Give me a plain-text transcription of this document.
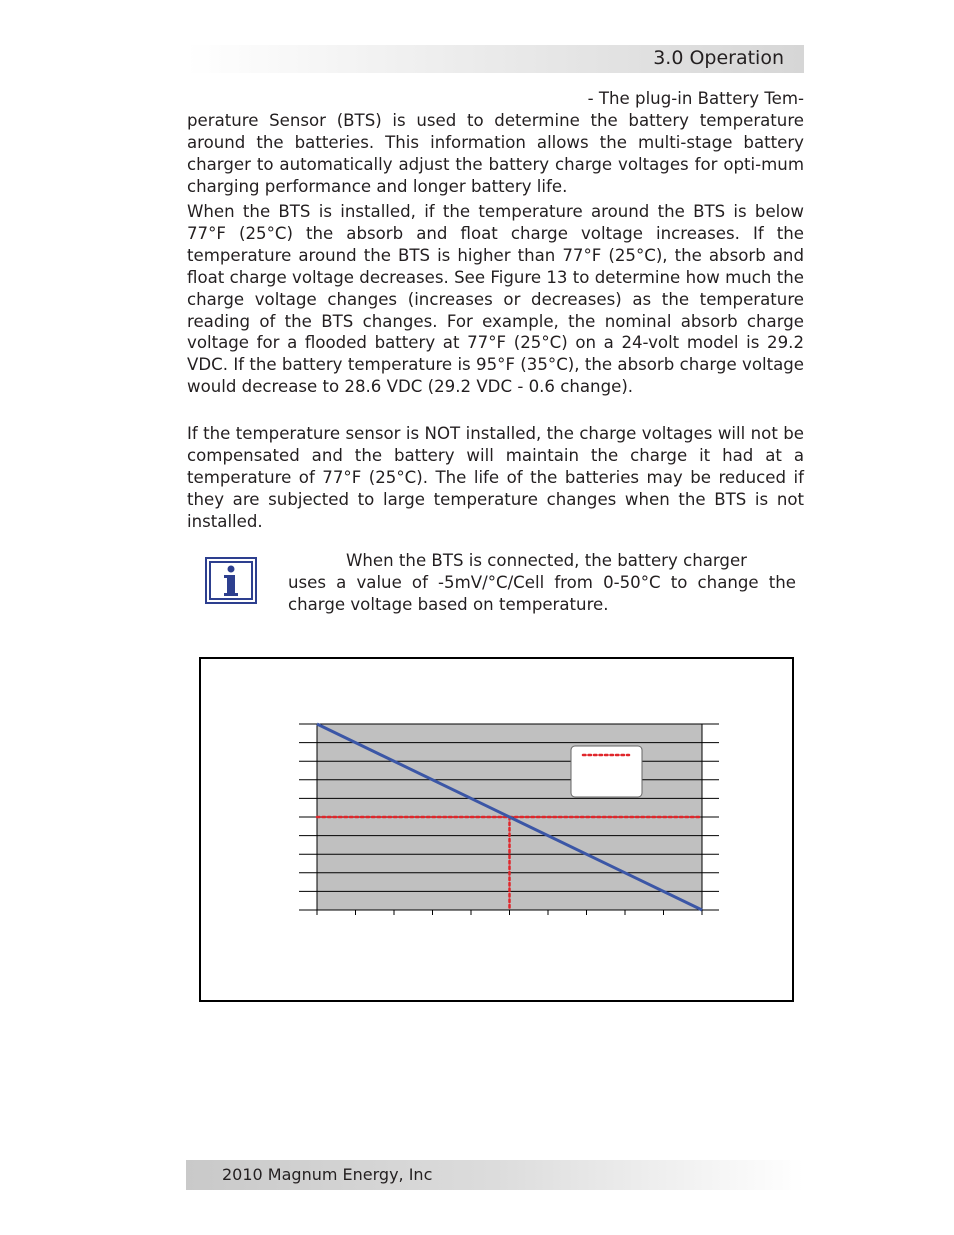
3.0 Operation

- The plug-in Battery Tem-
perature Sensor (BTS) is used to determine the battery temperature around the batteries. This information allows the multi-stage battery charger to automatically adjust the battery charge voltages for opti-mum charging performance and longer battery life.

When the BTS is installed, if the temperature around the BTS is below 77°F (25°C) the absorb and float charge voltage increases. If the temperature around the BTS is higher than 77°F (25°C), the absorb and float charge voltage decreases. See Figure 13 to determine how much the charge voltage changes (increases or decreases) as the temperature reading of the BTS changes. For example, the nominal absorb charge voltage for a flooded battery at 77°F (25°C) on a 24-volt model is 29.2 VDC. If the battery temperature is 95°F (35°C), the absorb charge voltage would decrease to 28.6 VDC (29.2 VDC - 0.6 change).

If the temperature sensor is NOT installed, the charge voltages will not be compensated and the battery will maintain the charge it had at a temperature of 77°F (25°C). The life of the batteries may be reduced if they are subjected to large temperature changes when the BTS is not installed.

When the BTS is connected, the battery charger
uses a value of -5mV/°C/Cell from 0-50°C to change the charge voltage based on temperature.

2010 Magnum Energy, Inc
